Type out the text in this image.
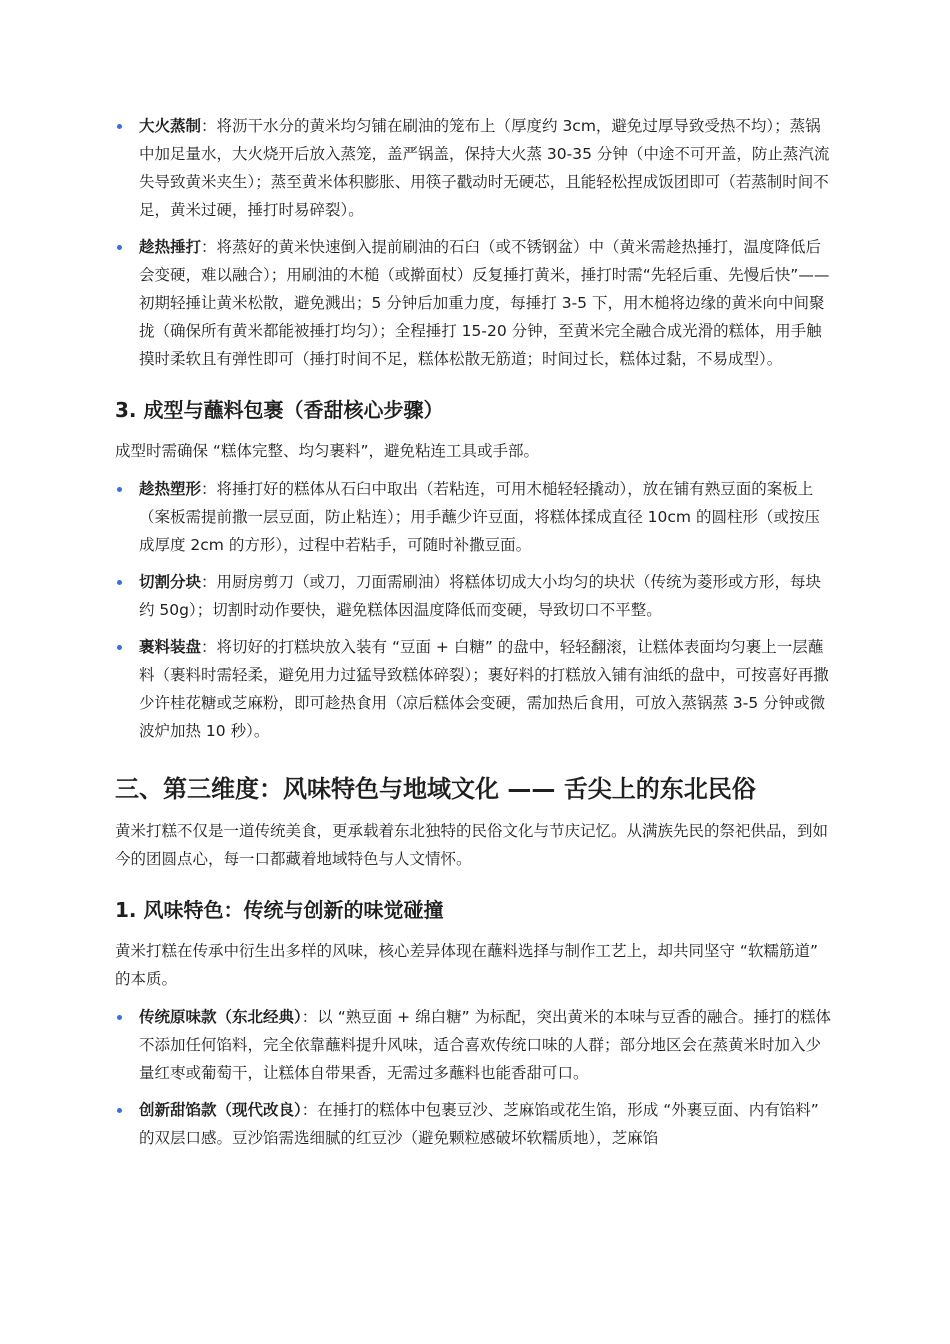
大火蒸制：将沥干水分的黄米均匀铺在刷油的笼布上（厚度约 3cm，避免过厚导致受热不均）；蒸锅中加足量水，大火烧开后放入蒸笼，盖严锅盖，保持大火蒸 30-35 分钟（中途不可开盖，防止蒸汽流失导致黄米夹生）；蒸至黄米体积膨胀、用筷子戳动时无硬芯，且能轻松捏成饭团即可（若蒸制时间不足，黄米过硬，捶打时易碎裂）。
趁热捶打：将蒸好的黄米快速倒入提前刷油的石臼（或不锈钢盆）中（黄米需趁热捶打，温度降低后会变硬，难以融合）；用刷油的木槌（或擀面杖）反复捶打黄米，捶打时需“先轻后重、先慢后快”—— 初期轻捶让黄米松散，避免溅出；5 分钟后加重力度，每捶打 3-5 下，用木槌将边缘的黄米向中间聚拢（确保所有黄米都能被捶打均匀）；全程捶打 15-20 分钟，至黄米完全融合成光滑的糕体，用手触摸时柔软且有弹性即可（捶打时间不足，糕体松散无筋道；时间过长，糕体过黏，不易成型）。
3. 成型与蘸料包裹（香甜核心步骤）

成型时需确保 “糕体完整、均匀裹料”，避免粘连工具或手部。

趁热塑形：将捶打好的糕体从石臼中取出（若粘连，可用木槌轻轻撬动），放在铺有熟豆面的案板上（案板需提前撒一层豆面，防止粘连）；用手蘸少许豆面，将糕体揉成直径 10cm 的圆柱形（或按压成厚度 2cm 的方形），过程中若粘手，可随时补撒豆面。
切割分块：用厨房剪刀（或刀，刀面需刷油）将糕体切成大小均匀的块状（传统为菱形或方形，每块约 50g）；切割时动作要快，避免糕体因温度降低而变硬，导致切口不平整。
裹料装盘：将切好的打糕块放入装有 “豆面 + 白糖” 的盘中，轻轻翻滚，让糕体表面均匀裹上一层蘸料（裹料时需轻柔，避免用力过猛导致糕体碎裂）；裹好料的打糕放入铺有油纸的盘中，可按喜好再撒少许桂花糖或芝麻粉，即可趁热食用（凉后糕体会变硬，需加热后食用，可放入蒸锅蒸 3-5 分钟或微波炉加热 10 秒）。
三、第三维度：风味特色与地域文化 —— 舌尖上的东北民俗

黄米打糕不仅是一道传统美食，更承载着东北独特的民俗文化与节庆记忆。从满族先民的祭祀供品，到如今的团圆点心，每一口都藏着地域特色与人文情怀。

1. 风味特色：传统与创新的味觉碰撞

黄米打糕在传承中衍生出多样的风味，核心差异体现在蘸料选择与制作工艺上，却共同坚守 “软糯筋道” 的本质。

传统原味款（东北经典）：以 “熟豆面 + 绵白糖” 为标配，突出黄米的本味与豆香的融合。捶打的糕体不添加任何馅料，完全依靠蘸料提升风味，适合喜欢传统口味的人群；部分地区会在蒸黄米时加入少量红枣或葡萄干，让糕体自带果香，无需过多蘸料也能香甜可口。
创新甜馅款（现代改良）：在捶打的糕体中包裹豆沙、芝麻馅或花生馅，形成 “外裹豆面、内有馅料” 的双层口感。豆沙馅需选细腻的红豆沙（避免颗粒感破坏软糯质地），芝麻馅
